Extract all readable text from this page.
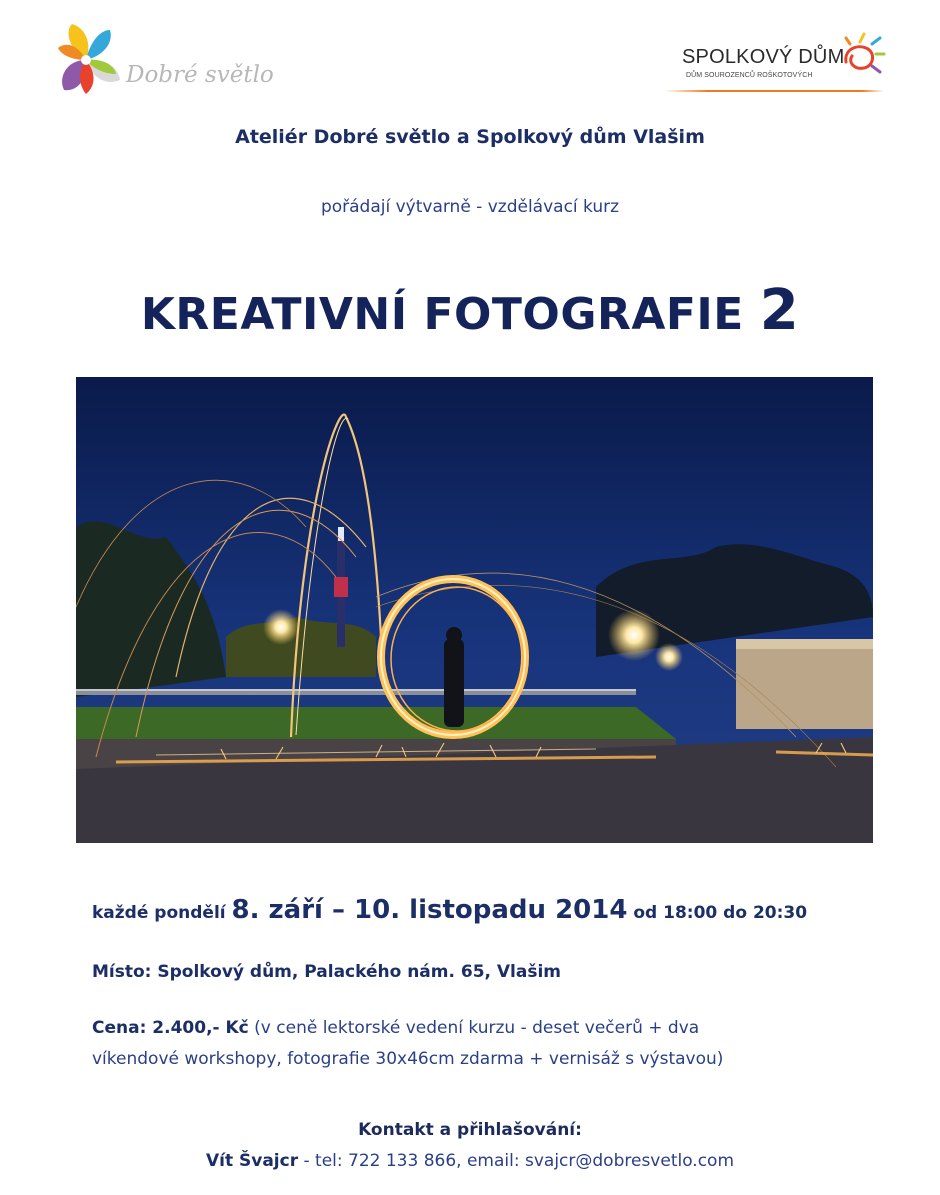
Dobré světlo
SPOLKOVÝ DŮM
DŮM SOUROZENCŮ ROŠKOTOVÝCH
Ateliér Dobré světlo a Spolkový dům Vlašim
pořádají výtvarně - vzdělávací kurz
KREATIVNÍ FOTOGRAFIE 2
každé pondělí 8. září – 10. listopadu 2014 od 18:00 do 20:30
Místo: Spolkový dům, Palackého nám. 65, Vlašim
Cena: 2.400,- Kč (v ceně lektorské vedení kurzu - deset večerů + dva
víkendové workshopy, fotografie 30x46cm zdarma + vernisáž s výstavou)
Kontakt a přihlašování:
Vít Švajcr - tel: 722 133 866, email: svajcr@dobresvetlo.com
